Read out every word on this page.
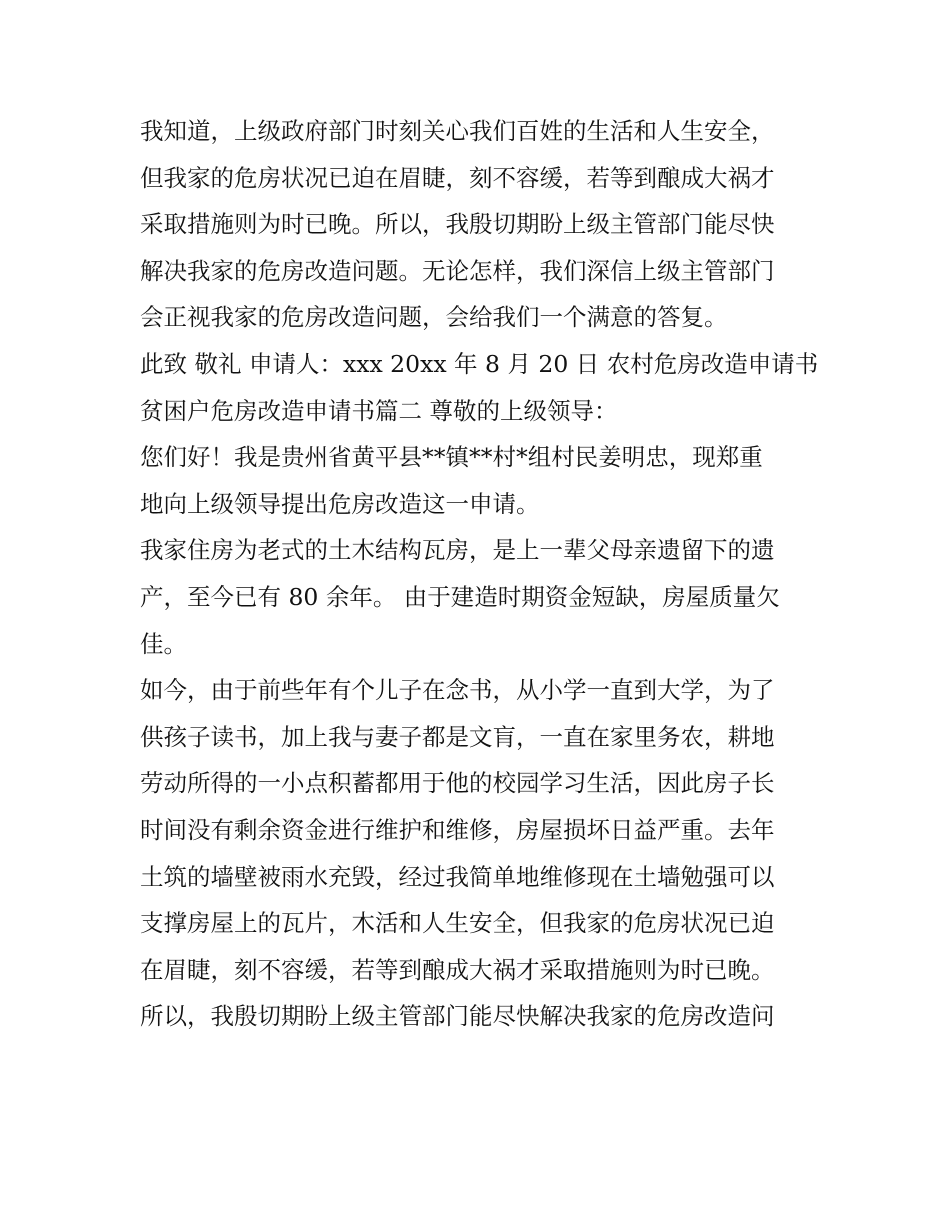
我知道，上级政府部门时刻关心我们百姓的生活和人生安全，

但我家的危房状况已迫在眉睫，刻不容缓，若等到酿成大祸才

采取措施则为时已晚。所以，我殷切期盼上级主管部门能尽快

解决我家的危房改造问题。无论怎样，我们深信上级主管部门

会正视我家的危房改造问题，会给我们一个满意的答复。

此致 敬礼 申请人：xxx 20xx 年 8 月 20 日 农村危房改造申请书

贫困户危房改造申请书篇二 尊敬的上级领导：

您们好！我是贵州省黄平县**镇**村*组村民姜明忠，现郑重

地向上级领导提出危房改造这一申请。

我家住房为老式的土木结构瓦房，是上一辈父母亲遗留下的遗

产，至今已有 80 余年。 由于建造时期资金短缺，房屋质量欠

佳。

如今，由于前些年有个儿子在念书，从小学一直到大学，为了

供孩子读书，加上我与妻子都是文肓，一直在家里务农，耕地

劳动所得的一小点积蓄都用于他的校园学习生活，因此房子长

时间没有剩余资金进行维护和维修，房屋损坏日益严重。去年

土筑的墙壁被雨水充毁，经过我简单地维修现在土墙勉强可以

支撑房屋上的瓦片，木活和人生安全，但我家的危房状况已迫

在眉睫，刻不容缓，若等到酿成大祸才采取措施则为时已晚。

所以，我殷切期盼上级主管部门能尽快解决我家的危房改造问
